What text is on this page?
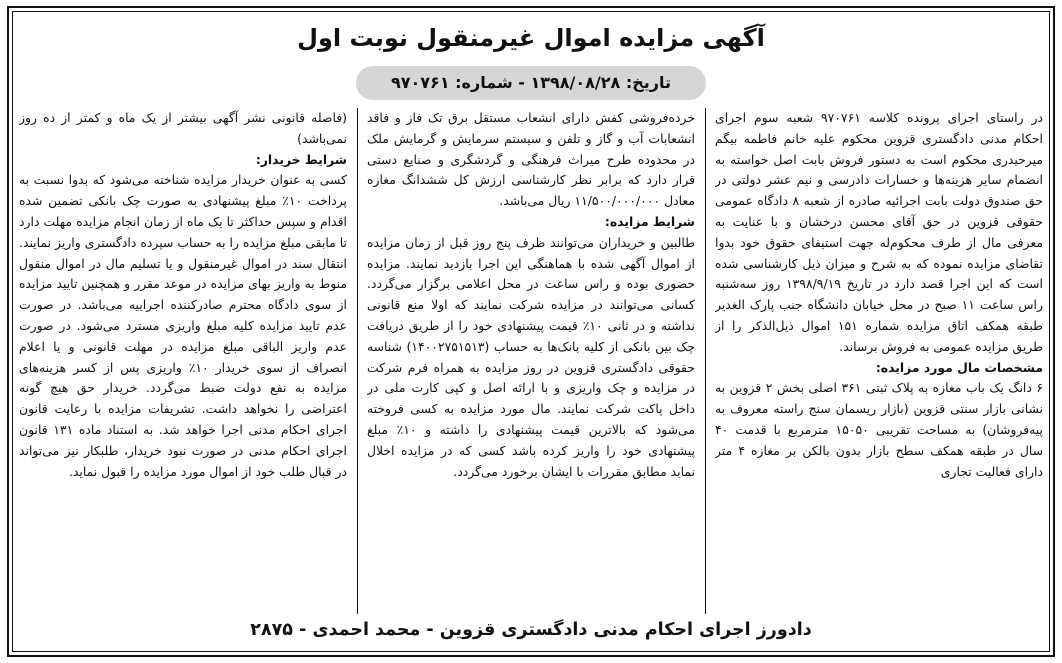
آگهی مزایده اموال غیرمنقول نوبت اول
تاریخ: ۱۳۹۸/۰۸/۲۸ - شماره: ۹۷۰۷۶۱

در راستای اجرای پرونده کلاسه ۹۷۰۷۶۱ شعبه سوم اجرای احکام مدنی دادگستری قزوین محکوم علیه خانم فاطمه بیگم میرحیدری محکوم است به دستور فروش بابت اصل خواسته به انضمام سایر هزینه‌ها و خسارات دادرسی و نیم عشر دولتی در حق صندوق دولت بابت اجرائیه صادره از شعبه ۸ دادگاه عمومی حقوقی قزوین در حق آقای محسن درخشان و با عنایت به معرفی مال از طرف محکوم‌له جهت استیفای حقوق خود بدوا تقاضای مزایده نموده که به شرح و میزان ذیل کارشناسی شده است که این اجرا قصد دارد در تاریخ ۱۳۹۸/۹/۱۹ روز سه‌شنبه راس ساعت ۱۱ صبح در محل خیابان دانشگاه جنب پارک الغدیر طبقه همکف اتاق مزایده شماره ۱۵۱ اموال ذیل‌الذکر را از طریق مزایده عمومی به فروش برساند.

مشخصات مال مورد مزایده:

۶ دانگ یک باب مغازه به پلاک ثبتی ۳۶۱ اصلی بخش ۲ قزوین به نشانی بازار سنتی قزوین (بازار ریسمان سنج راسته معروف به پیه‌فروشان) به مساحت تقریبی ۱۵۰۵۰ مترمربع با قدمت ۴۰ سال در طبقه همکف سطح بازار بدون بالکن بر مغازه ۴ متر دارای فعالیت تجاری

خرده‌فروشی کفش دارای انشعاب مستقل برق تک فاز و فاقد انشعابات آب و گاز و تلفن و سیستم سرمایش و گرمایش ملک در محدوده طرح میراث فرهنگی و گردشگری و صنایع دستی قرار دارد که برابر نظر کارشناسی ارزش کل ششدانگ مغازه معادل ۱۱/۵۰۰/۰۰۰/۰۰۰ ریال می‌باشد.

شرایط مزایده:

طالبین و خریداران می‌توانند ظرف پنج روز قبل از زمان مزایده از اموال آگهی شده با هماهنگی این اجرا بازدید نمایند. مزایده حضوری بوده و راس ساعت در محل اعلامی برگزار می‌گردد. کسانی می‌توانند در مزایده شرکت نمایند که اولا منع قانونی نداشته و در ثانی ۱۰٪ قیمت پیشنهادی خود را از طریق دریافت چک بین بانکی از کلیه بانک‌ها به حساب (۱۴۰۰۲۷۵۱۵۱۳) شناسه حقوقی دادگستری قزوین در روز مزایده به همراه فرم شرکت در مزایده و چک واریزی و با ارائه اصل و کپی کارت ملی در داخل پاکت شرکت نمایند. مال مورد مزایده به کسی فروخته می‌شود که بالاترین قیمت پیشنهادی را داشته و ۱۰٪ مبلغ پیشنهادی خود را واریز کرده باشد کسی که در مزایده اخلال نماید مطابق مقررات با ایشان برخورد می‌گردد.

(فاصله قانونی نشر آگهی بیشتر از یک ماه و کمتر از ده روز نمی‌باشد)

شرایط خریدار:

کسی به عنوان خریدار مزایده شناخته می‌شود که بدوا نسبت به پرداخت ۱۰٪ مبلغ پیشنهادی به صورت چک بانکی تضمین شده اقدام و سپس حداکثر تا یک ماه از زمان انجام مزایده مهلت دارد تا مابقی مبلغ مزایده را به حساب سپرده دادگستری واریز نمایند. انتقال سند در اموال غیرمنقول و یا تسلیم مال در اموال منقول منوط به واریز بهای مزایده در موعد مقرر و همچنین تایید مزایده از سوی دادگاه محترم صادرکننده اجراییه می‌باشد. در صورت عدم تایید مزایده کلیه مبلغ واریزی مسترد می‌شود. در صورت عدم واریز الباقی مبلغ مزایده در مهلت قانونی و یا اعلام انصراف از سوی خریدار ۱۰٪ واریزی پس از کسر هزینه‌های مزایده به نفع دولت ضبط می‌گردد. خریدار حق هیچ گونه اعتراضی را نخواهد داشت. تشریفات مزایده با رعایت قانون اجرای احکام مدنی اجرا خواهد شد. به استناد ماده ۱۳۱ قانون اجرای احکام مدنی در صورت نبود خریدار، طلبکار نیز می‌تواند در قبال طلب خود از اموال مورد مزایده را قبول نماید.

دادورز اجرای احکام مدنی دادگستری قزوین - محمد احمدی - ۲۸۷۵
